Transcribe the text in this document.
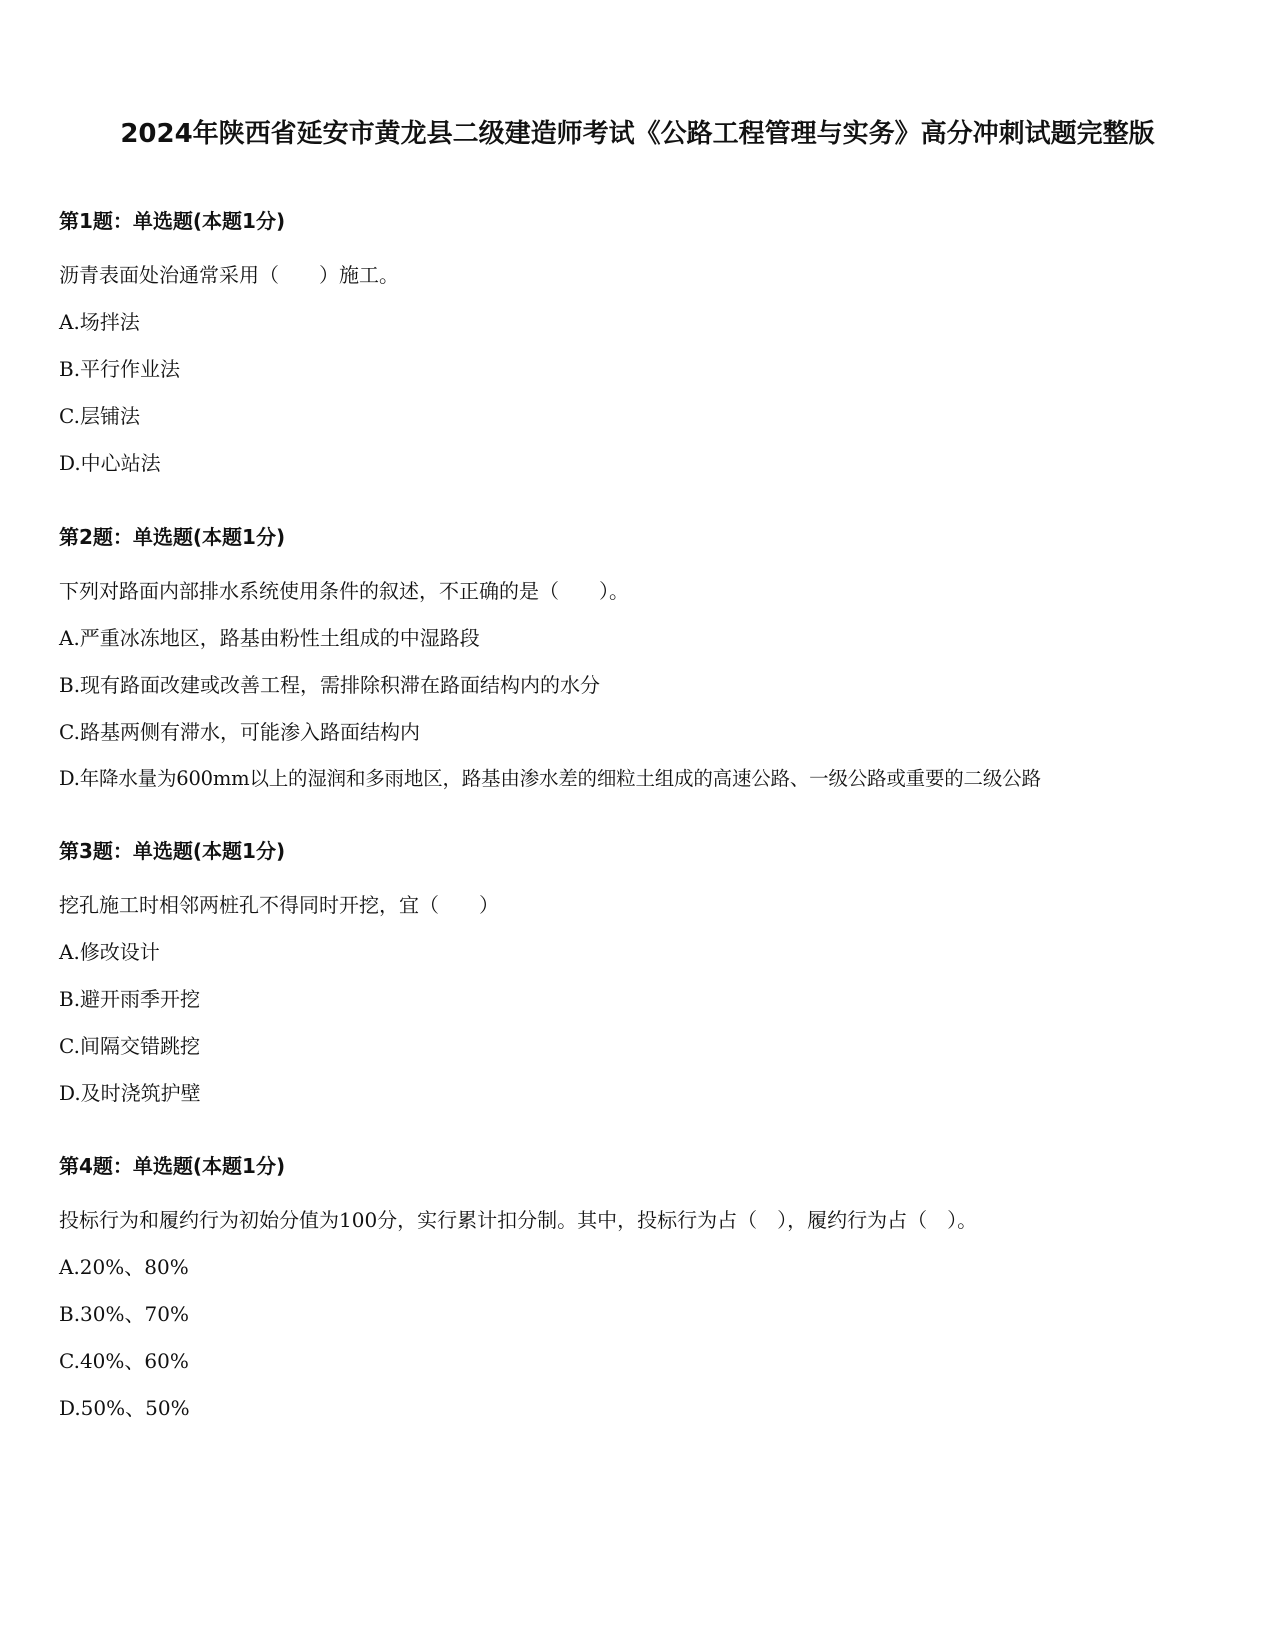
2024年陕西省延安市黄龙县二级建造师考试《公路工程管理与实务》高分冲刺试题完整版
第1题：单选题(本题1分)
沥青表面处治通常采用（　　）施工。
A.场拌法
B.平行作业法
C.层铺法
D.中心站法
第2题：单选题(本题1分)
下列对路面内部排水系统使用条件的叙述，不正确的是（　　）。
A.严重冰冻地区，路基由粉性土组成的中湿路段
B.现有路面改建或改善工程，需排除积滞在路面结构内的水分
C.路基两侧有滞水，可能渗入路面结构内
D.年降水量为600mm以上的湿润和多雨地区，路基由渗水差的细粒土组成的高速公路、一级公路或重要的二级公路
第3题：单选题(本题1分)
挖孔施工时相邻两桩孔不得同时开挖，宜（　　）
A.修改设计
B.避开雨季开挖
C.间隔交错跳挖
D.及时浇筑护壁
第4题：单选题(本题1分)
投标行为和履约行为初始分值为100分，实行累计扣分制。其中，投标行为占（　），履约行为占（　）。
A.20%、80%
B.30%、70%
C.40%、60%
D.50%、50%
